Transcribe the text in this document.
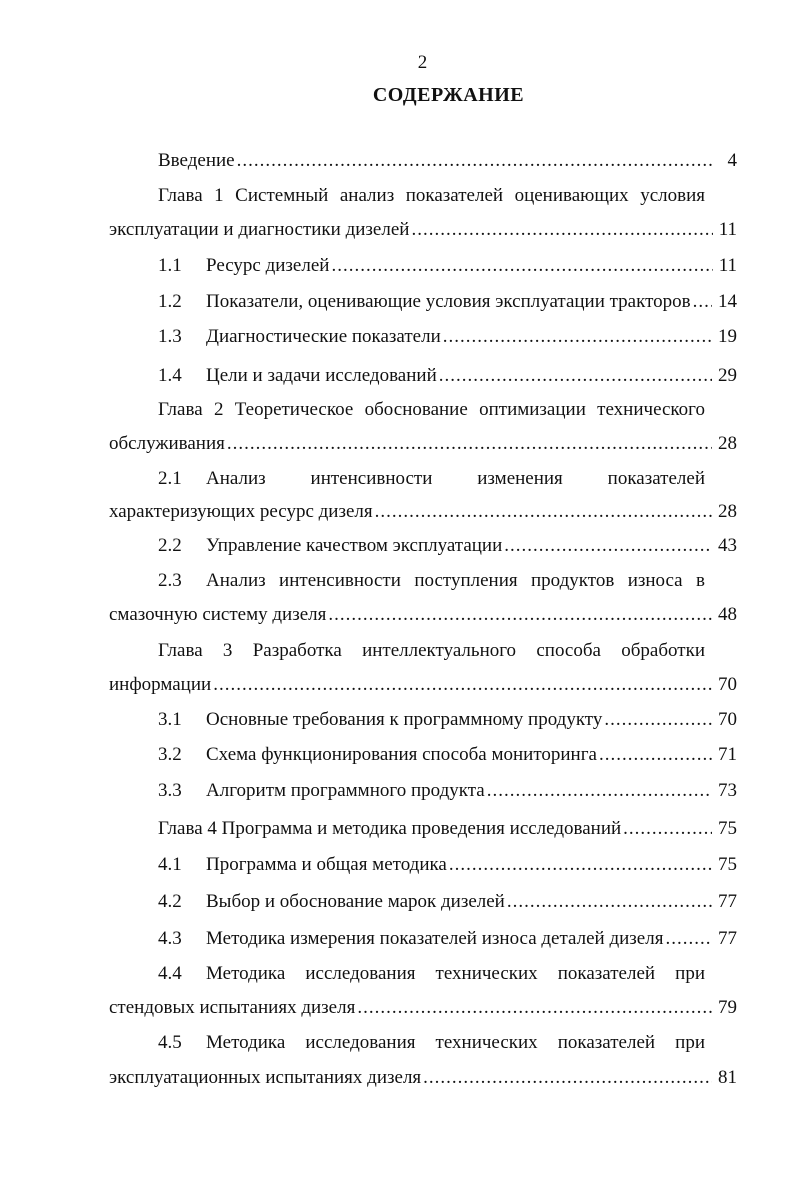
2
СОДЕРЖАНИЕ
Введение .....	4
Глава 1 Системный анализ показателей оценивающих условия
эксплуатации и диагностики дизелей .....	11
1.1	Ресурс дизелей .....	11
1.2	Показатели, оценивающие условия эксплуатации тракторов ..... 14
1.3	Диагностические показатели .....	19
1.4	Цели и задачи исследований .....	29
Глава 2 Теоретическое обоснование оптимизации технического
обслуживания .....	28
2.1	Анализ интенсивности изменения показателей
характеризующих ресурс дизеля .....	28
2.2	Управление качеством эксплуатации .....	43
2.3	Анализ интенсивности поступления продуктов износа в
смазочную систему дизеля .....	48
Глава 3 Разработка интеллектуального способа обработки
информации .....	70
3.1	Основные требования к программному продукту .....	70
3.2	Схема функционирования способа мониторинга .....	71
3.3	Алгоритм программного продукта .....	73
Глава 4 Программа и методика проведения исследований .....	75
4.1	Программа и общая методика .....	75
4.2	Выбор и обоснование марок дизелей .....	77
4.3	Методика измерения показателей износа деталей дизеля .....	77
4.4	Методика исследования технических показателей при
стендовых испытаниях дизеля .....	79
4.5	Методика исследования технических показателей при
эксплуатационных испытаниях дизеля .....	81
